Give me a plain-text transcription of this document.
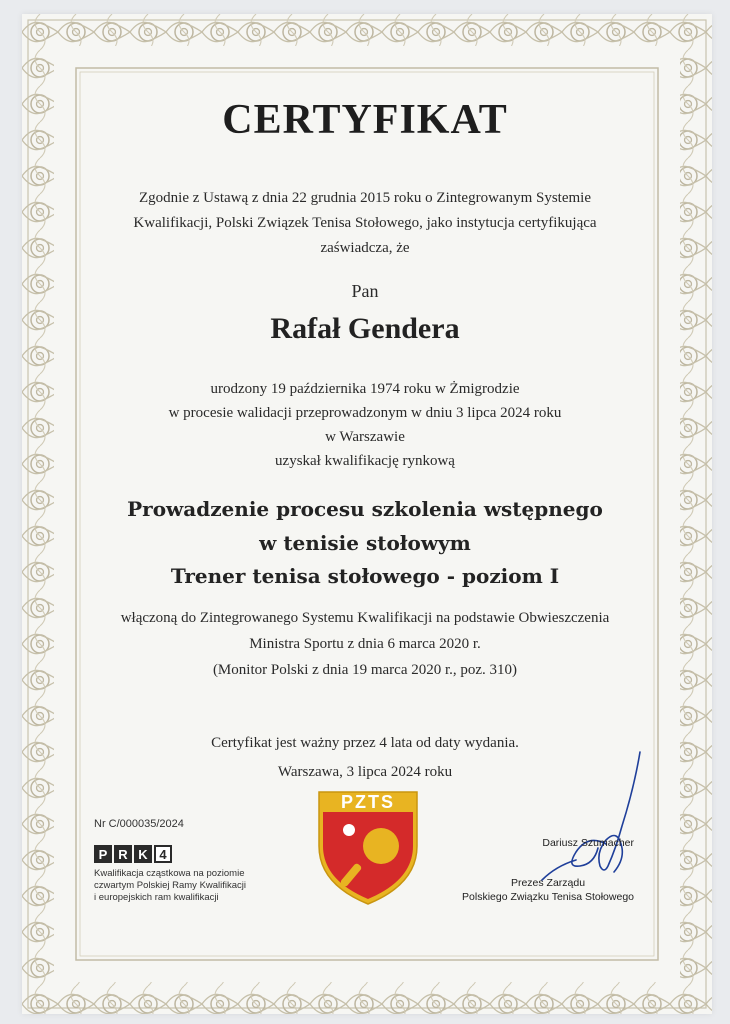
CERTYFIKAT
Zgodnie z Ustawą z dnia 22 grudnia 2015 roku o Zintegrowanym Systemie
Kwalifikacji, Polski Związek Tenisa Stołowego, jako instytucja certyfikująca
zaświadcza, że
Pan
Rafał Gendera
urodzony 19 października 1974 roku w Żmigrodzie
w procesie walidacji przeprowadzonym w dniu 3 lipca 2024 roku
w Warszawie
uzyskał kwalifikację rynkową
Prowadzenie procesu szkolenia wstępnego
w tenisie stołowym
Trener tenisa stołowego - poziom I
włączoną do Zintegrowanego Systemu Kwalifikacji na podstawie Obwieszczenia
Ministra Sportu z dnia 6 marca 2020 r.
(Monitor Polski z dnia 19 marca 2020 r., poz. 310)
Certyfikat jest ważny przez 4 lata od daty wydania.
Warszawa, 3 lipca 2024 roku
Nr C/000035/2024
P R K 4
Kwalifikacja cząstkowa na poziomie
czwartym Polskiej Ramy Kwalifikacji
i europejskich ram kwalifikacji
PZTS
Dariusz Szumacher
Prezes Zarządu
Polskiego Związku Tenisa Stołowego
